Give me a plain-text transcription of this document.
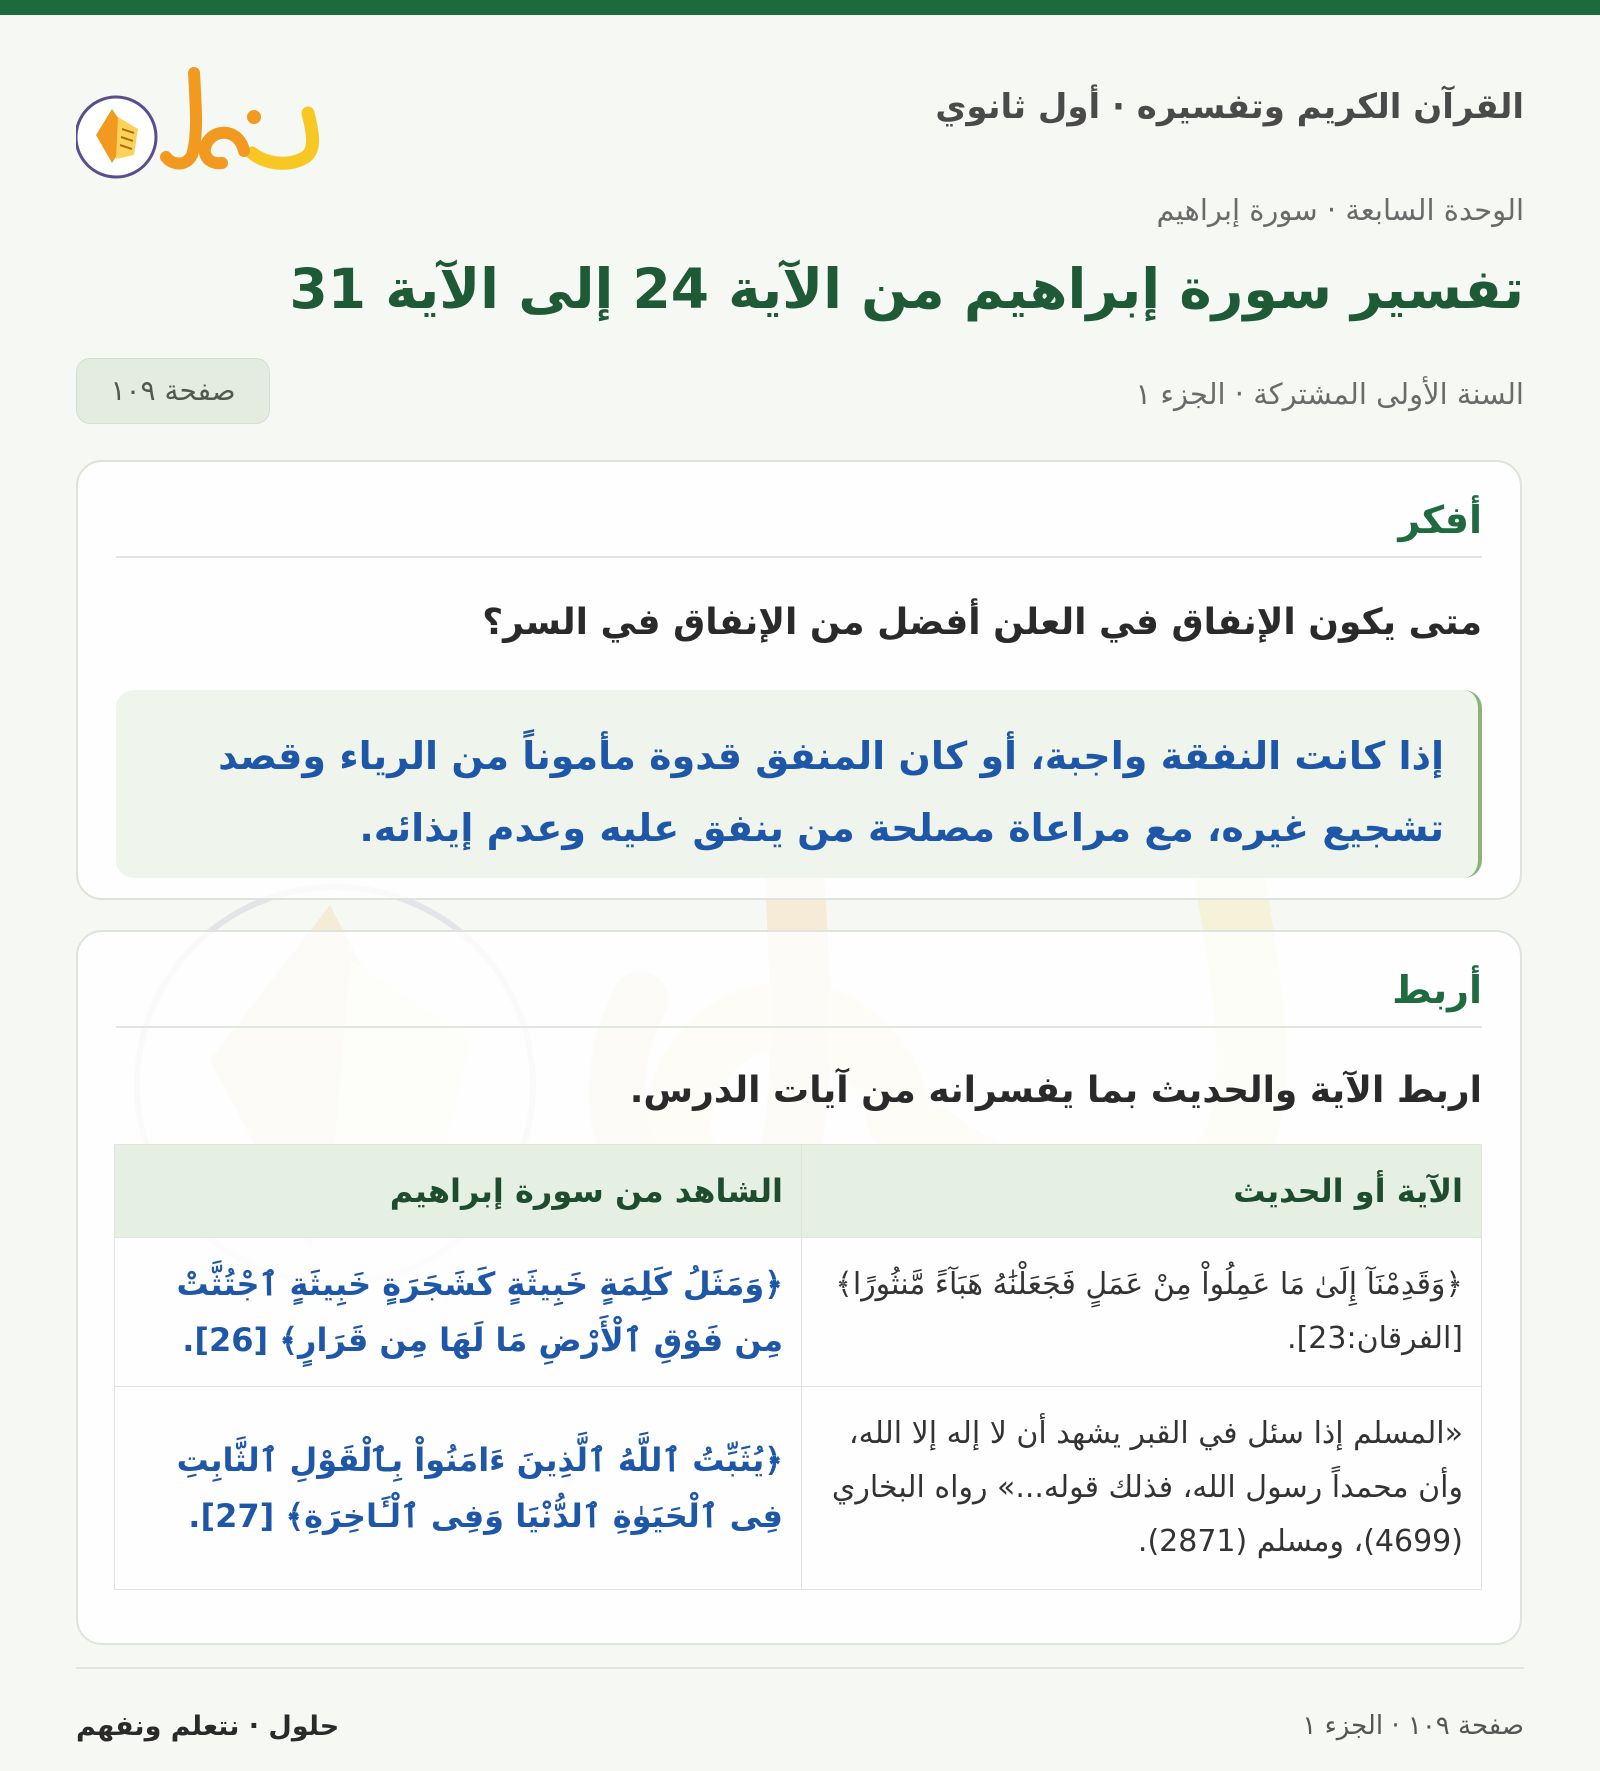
القرآن الكريم وتفسيره · أول ثانوي
الوحدة السابعة · سورة إبراهيم
تفسير سورة إبراهيم من الآية 24 إلى الآية 31
السنة الأولى المشتركة · الجزء ١
صفحة ١٠٩
أفكر
متى يكون الإنفاق في العلن أفضل من الإنفاق في السر؟
إذا كانت النفقة واجبة، أو كان المنفق قدوة مأموناً من الرياء وقصد تشجيع غيره، مع مراعاة مصلحة من ينفق عليه وعدم إيذائه.
أربط
اربط الآية والحديث بما يفسرانه من آيات الدرس.
الآية أو الحديث	الشاهد من سورة إبراهيم
﴿وَقَدِمْنَآ إِلَىٰ مَا عَمِلُواْ مِنْ عَمَلٍ فَجَعَلْنَٰهُ هَبَآءً مَّنثُورًا﴾ [الفرقان:23].	﴿وَمَثَلُ كَلِمَةٍ خَبِيثَةٍ كَشَجَرَةٍ خَبِيثَةٍ ٱجْتُثَّتْ مِن فَوْقِ ٱلْأَرْضِ مَا لَهَا مِن قَرَارٍ﴾ [26].
«المسلم إذا سئل في القبر يشهد أن لا إله إلا الله، وأن محمداً رسول الله، فذلك قوله...» رواه البخاري (4699)، ومسلم (2871).	﴿يُثَبِّتُ ٱللَّهُ ٱلَّذِينَ ءَامَنُواْ بِٱلْقَوْلِ ٱلثَّابِتِ فِى ٱلْحَيَوٰةِ ٱلدُّنْيَا وَفِى ٱلْـَٔاخِرَةِ﴾ [27].
صفحة ١٠٩ · الجزء ١
حلول · نتعلم ونفهم
